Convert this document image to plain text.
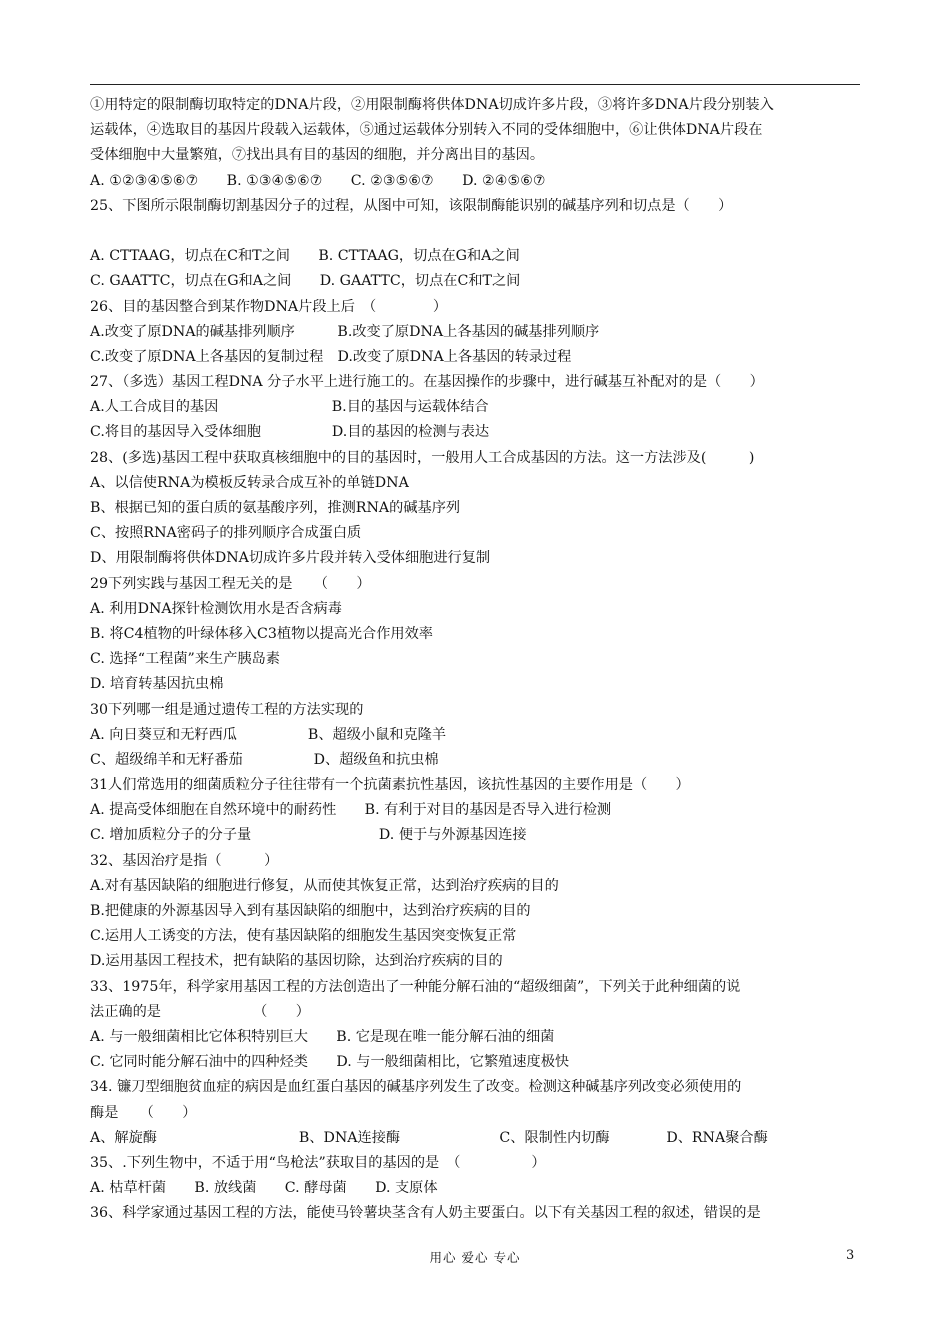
①用特定的限制酶切取特定的DNA片段，②用限制酶将供体DNA切成许多片段，③将许多DNA片段分别装入
运载体，④选取目的基因片段载入运载体，⑤通过运载体分别转入不同的受体细胞中，⑥让供体DNA片段在
受体细胞中大量繁殖，⑦找出具有目的基因的细胞，并分离出目的基因。
A. ①②③④⑤⑥⑦　　B. ①③④⑤⑥⑦　　C. ②③⑤⑥⑦　　D. ②④⑤⑥⑦
25、下图所示限制酶切割基因分子的过程，从图中可知，该限制酶能识别的碱基序列和切点是（　　）
A. CTTAAG，切点在C和T之间　　B. CTTAAG，切点在G和A之间
C. GAATTC，切点在G和A之间　　D. GAATTC，切点在C和T之间
26、目的基因整合到某作物DNA片段上后　（　　　　）
A.改变了原DNA的碱基排列顺序　　　B.改变了原DNA上各基因的碱基排列顺序
C.改变了原DNA上各基因的复制过程　D.改变了原DNA上各基因的转录过程
27、（多选）基因工程DNA 分子水平上进行施工的。在基因操作的步骤中，进行碱基互补配对的是（　　）
A.人工合成目的基因　　　　　　　　B.目的基因与运载体结合
C.将目的基因导入受体细胞　　　　　D.目的基因的检测与表达
28、(多选)基因工程中获取真核细胞中的目的基因时，一般用人工合成基因的方法。这一方法涉及(　　　)
A、以信使RNA为模板反转录合成互补的单链DNA
B、根据已知的蛋白质的氨基酸序列，推测RNA的碱基序列
C、按照RNA密码子的排列顺序合成蛋白质
D、用限制酶将供体DNA切成许多片段并转入受体细胞进行复制
29下列实践与基因工程无关的是　　（　　）
A. 利用DNA探针检测饮用水是否含病毒
B. 将C4植物的叶绿体移入C3植物以提高光合作用效率
C. 选择“工程菌”来生产胰岛素
D. 培育转基因抗虫棉
30下列哪一组是通过遗传工程的方法实现的
A. 向日葵豆和无籽西瓜　　　　　B、超级小鼠和克隆羊
C、超级绵羊和无籽番茄　　　　　D、超级鱼和抗虫棉
31人们常选用的细菌质粒分子往往带有一个抗菌素抗性基因，该抗性基因的主要作用是（　　）
A. 提高受体细胞在自然环境中的耐药性　　B. 有利于对目的基因是否导入进行检测
C. 增加质粒分子的分子量　　　　　　　　　D. 便于与外源基因连接
32、基因治疗是指（　　　）
A.对有基因缺陷的细胞进行修复，从而使其恢复正常，达到治疗疾病的目的
B.把健康的外源基因导入到有基因缺陷的细胞中，达到治疗疾病的目的
C.运用人工诱变的方法，使有基因缺陷的细胞发生基因突变恢复正常
D.运用基因工程技术，把有缺陷的基因切除，达到治疗疾病的目的
33、1975年，科学家用基因工程的方法创造出了一种能分解石油的“超级细菌”，下列关于此种细菌的说
法正确的是　　　　　　　（　　）
A. 与一般细菌相比它体积特别巨大　　B. 它是现在唯一能分解石油的细菌
C. 它同时能分解石油中的四种烃类　　D. 与一般细菌相比，它繁殖速度极快
34. 镰刀型细胞贫血症的病因是血红蛋白基因的碱基序列发生了改变。检测这种碱基序列改变必须使用的
酶是　　（　　）
A、解旋酶　　　　　　　　　　B、DNA连接酶　　　　　　　C、限制性内切酶　　　　D、RNA聚合酶
35、.下列生物中，不适于用“鸟枪法”获取目的基因的是　（　　　　　）
A. 枯草杆菌　　B. 放线菌　　C. 酵母菌　　D. 支原体
36、科学家通过基因工程的方法，能使马铃薯块茎含有人奶主要蛋白。以下有关基因工程的叙述，错误的是
用心 爱心 专心	3
